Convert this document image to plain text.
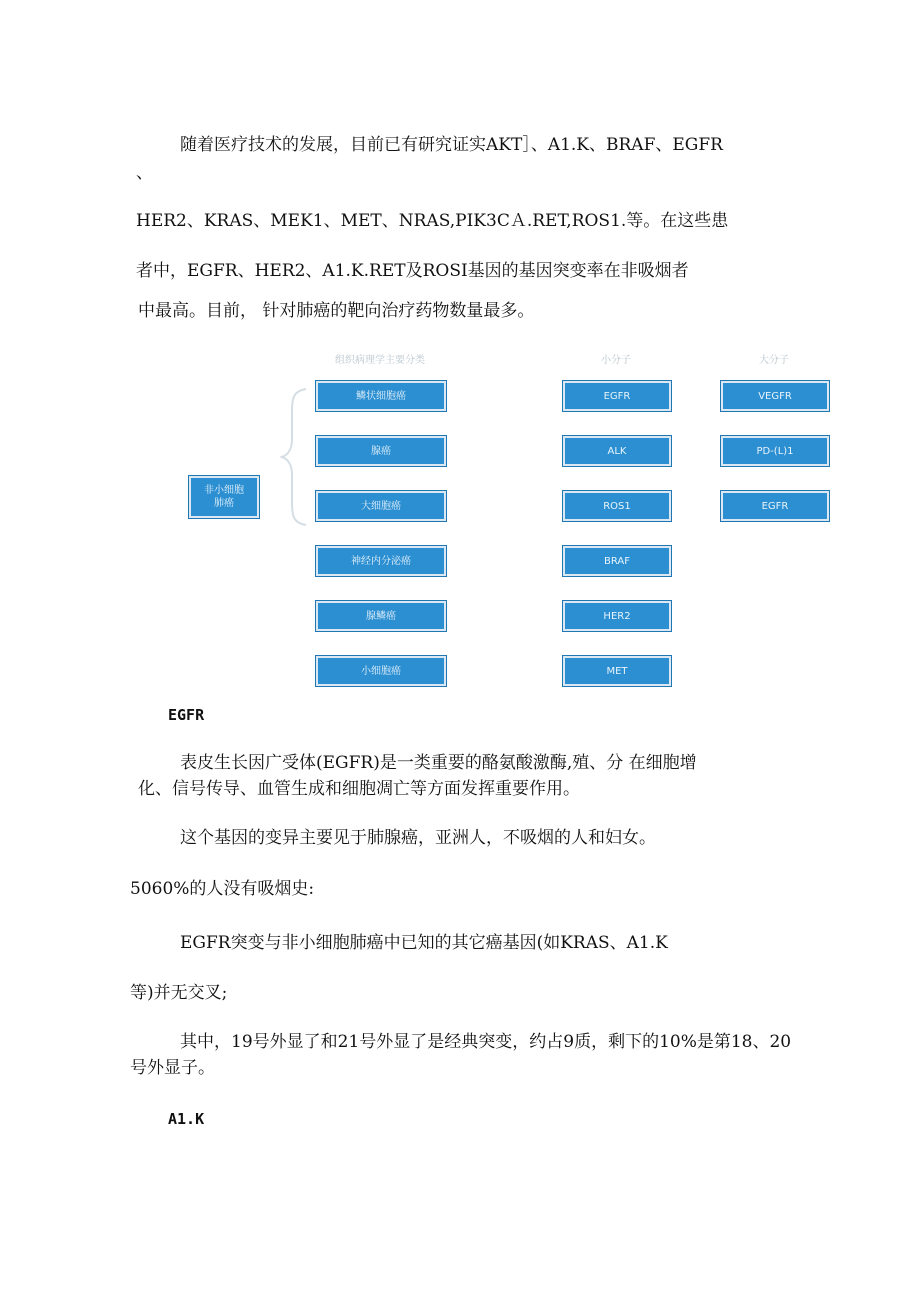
随着医疗技术的发展，目前已有研究证实AKT］、A1.K、BRAF、EGFR
、
HER2、KRAS、MEK1、MET、NRAS,PIK3CＡ.RET,ROS1.等。在这些患
者中，EGFR、HER2、A1.K.RET及ROSI基因的基因突变率在非吸烟者
中最高。目前， 针对肺癌的靶向治疗药物数量最多。
组织病理学主要分类	小分子	大分子
非小细胞肺癌
鳞状细胞癌
腺癌
大细胞癌
神经内分泌癌
腺鳞癌
小细胞癌
EGFR
ALK
ROS1
BRAF
HER2
MET
VEGFR
PD-(L)1
EGFR
EGFR
表皮生长因广受体(EGFR)是一类重要的酪氨酸激酶,殖、分 在细胞增
化、信号传导、血管生成和细胞凋亡等方面发挥重要作用。
这个基因的变异主要见于肺腺癌，亚洲人，不吸烟的人和妇女。
5060%的人没有吸烟史:
EGFR突变与非小细胞肺癌中已知的其它癌基因(如KRAS、A1.K
等)并无交叉;
其中，19号外显了和21号外显了是经典突变，约占9质，剩下的10%是第18、20
号外显子。
A1.K
